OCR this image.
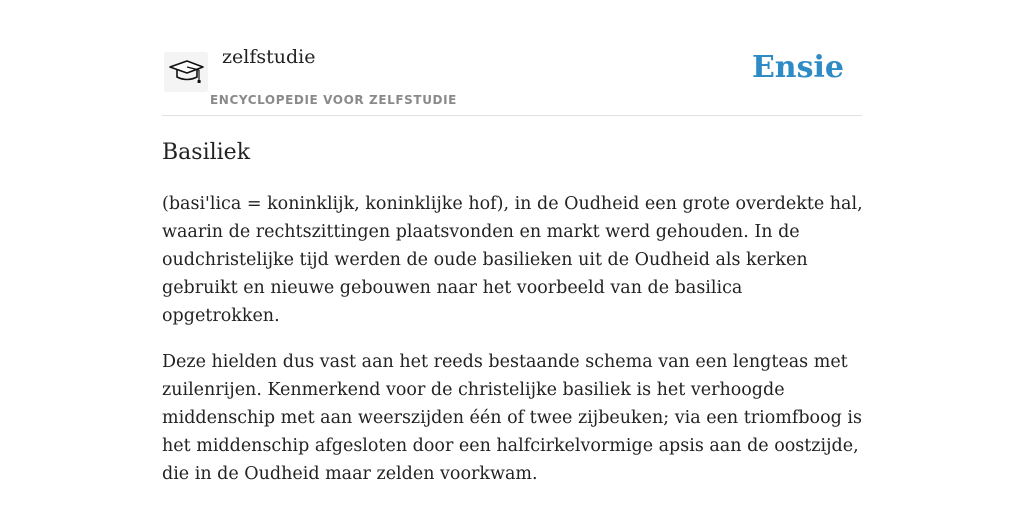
zelfstudie
ENCYCLOPEDIE VOOR ZELFSTUDIE
Ensie
Basiliek

(basi'lica = koninklijk, koninklijke hof), in de Oudheid een grote overdekte hal, waarin de rechtszittingen plaatsvonden en markt werd gehouden. In de oudchristelijke tijd werden de oude basilieken uit de Oudheid als kerken gebruikt en nieuwe gebouwen naar het voorbeeld van de basilica opgetrokken.

Deze hielden dus vast aan het reeds bestaande schema van een lengteas met zuilenrijen. Kenmerkend voor de christelijke basiliek is het verhoogde middenschip met aan weerszijden één of twee zijbeuken; via een triomfboog is het middenschip afgesloten door een halfcirkelvormige apsis aan de oostzijde, die in de Oudheid maar zelden voorkwam.
